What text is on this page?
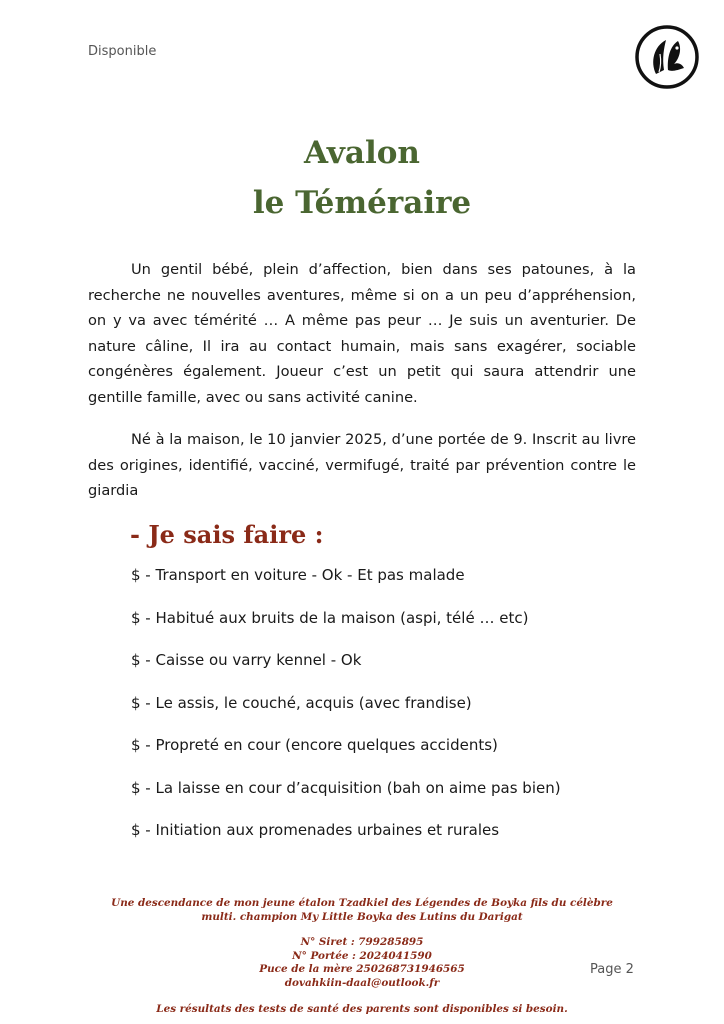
Disponible
Avalon
le Téméraire

Un gentil bébé, plein d’affection, bien dans ses patounes, à la recherche ne nouvelles aventures, même si on a un peu d’appréhension, on y va avec témérité … A même pas peur … Je suis un aventurier. De nature câline, Il ira au contact humain, mais sans exagérer, sociable congénères également. Joueur c’est un petit qui saura attendrir une gentille famille, avec ou sans activité canine.

Né à la maison, le 10 janvier 2025, d’une portée de 9. Inscrit au livre des origines, identifié, vacciné, vermifugé, traité par prévention contre le giardia

- Je sais faire :
$ - Transport en voiture - Ok - Et pas malade
$ - Habitué aux bruits de la maison (aspi, télé … etc)
$ - Caisse ou varry kennel - Ok
$ - Le assis, le couché, acquis (avec frandise)
$ - Propreté en cour (encore quelques accidents)
$ - La laisse en cour d’acquisition (bah on aime pas bien)
$ - Initiation aux promenades urbaines et rurales
Une descendance de mon jeune étalon Tzadkiel des Légendes de Boyka fils du célèbre
multi. champion My Little Boyka des Lutins du Darigat
N° Siret : 799285895
N° Portée : 2024041590
Puce de la mère 250268731946565
dovahkiin-daal@outlook.fr
Les résultats des tests de santé des parents sont disponibles si besoin.
Page 2
